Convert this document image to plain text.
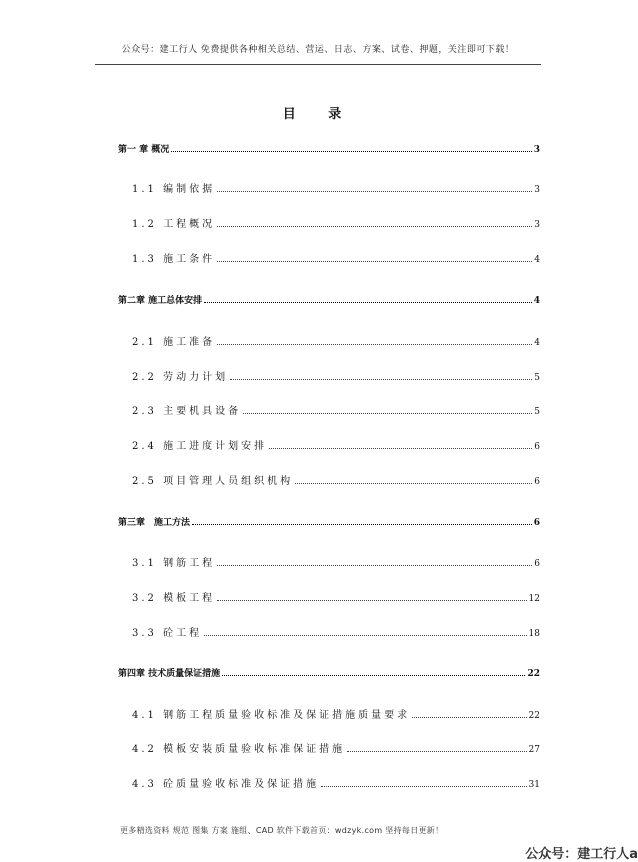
公众号：建工行人 免费提供各种相关总结、营运、日志、方案、试卷、押题，关注即可下载！
目 录
第一 章 概况	3
1.1 编制依据	3
1.2 工程概况	3
1.3 施工条件	4
第二章 施工总体安排	4
2.1 施工准备	4
2.2 劳动力计划	5
2.3 主要机具设备	5
2.4 施工进度计划安排	6
2.5 项目管理人员组织机构	6
第三章　施工方法	6
3.1 钢筋工程	6
3.2 模板工程	12
3.3 砼工程	18
第四章 技术质量保证措施	22
4.1 钢筋工程质量验收标准及保证措施质量要求	22
4.2 模板安装质量验收标准保证措施	27
4.3 砼质量验收标准及保证措施	31
更多精选资料 规范 图集 方案 施组、CAD 软件下载首页：wdzyk.com 坚持每日更新！
公众号：建工行人a
